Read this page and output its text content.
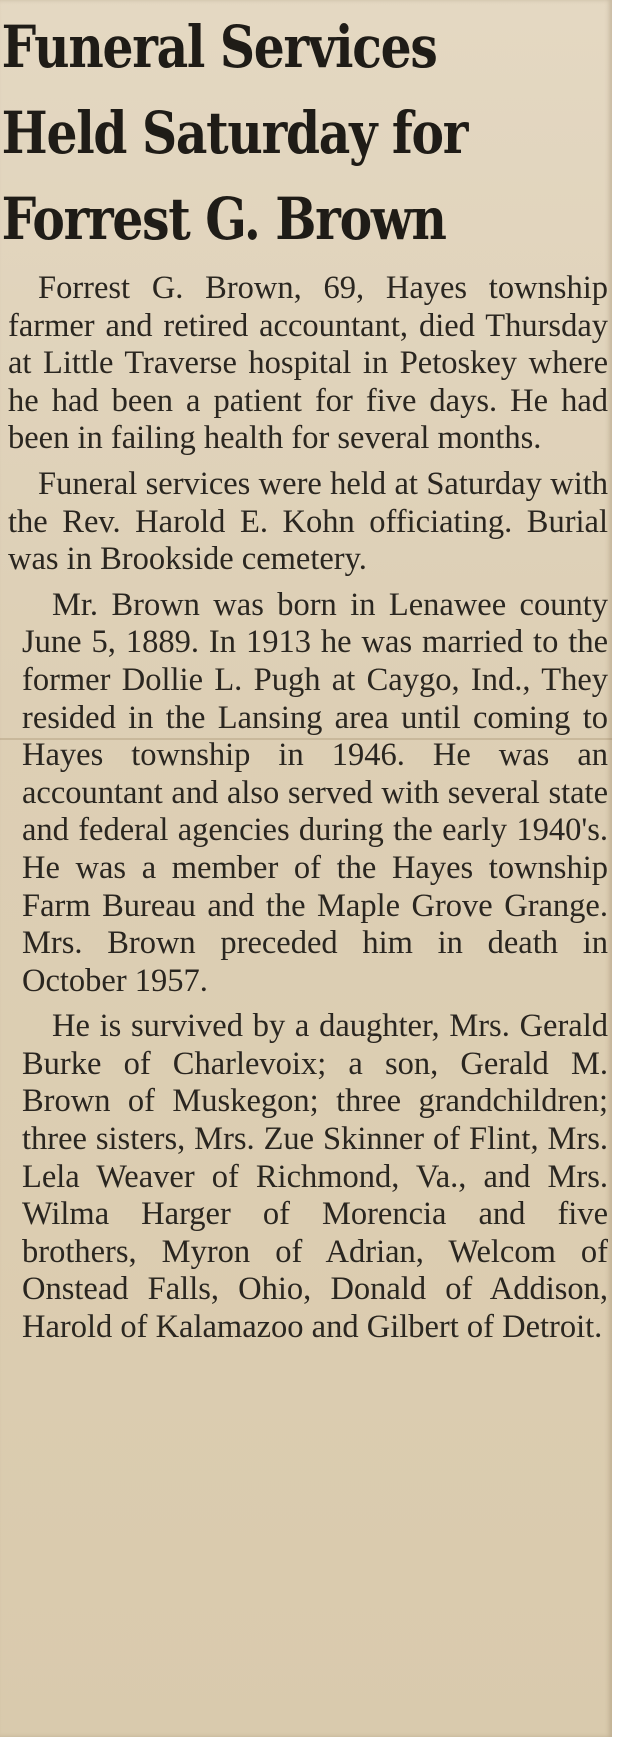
Funeral Services
Held Saturday for
Forrest G. Brown

Forrest G. Brown, 69, Hayes township farmer and retired accountant, died Thursday at Little Traverse hospital in Petoskey where he had been a patient for five days. He had been in failing health for several months.

Funeral services were held at Saturday with the Rev. Harold E. Kohn officiating. Burial was in Brookside cemetery.

Mr. Brown was born in Lenawee county June 5, 1889. In 1913 he was married to the former Dollie L. Pugh at Caygo, Ind., They resided in the Lansing area until coming to Hayes township in 1946. He was an accountant and also served with several state and federal agencies during the early 1940's. He was a member of the Hayes township Farm Bureau and the Maple Grove Grange. Mrs. Brown preceded him in death in October 1957.

He is survived by a daughter, Mrs. Gerald Burke of Charlevoix; a son, Gerald M. Brown of Muskegon; three grandchildren; three sisters, Mrs. Zue Skinner of Flint, Mrs. Lela Weaver of Richmond, Va., and Mrs. Wilma Harger of Morencia and five brothers, Myron of Adrian, Welcom of Onstead Falls, Ohio, Donald of Addison, Harold of Kalamazoo and Gilbert of Detroit.
